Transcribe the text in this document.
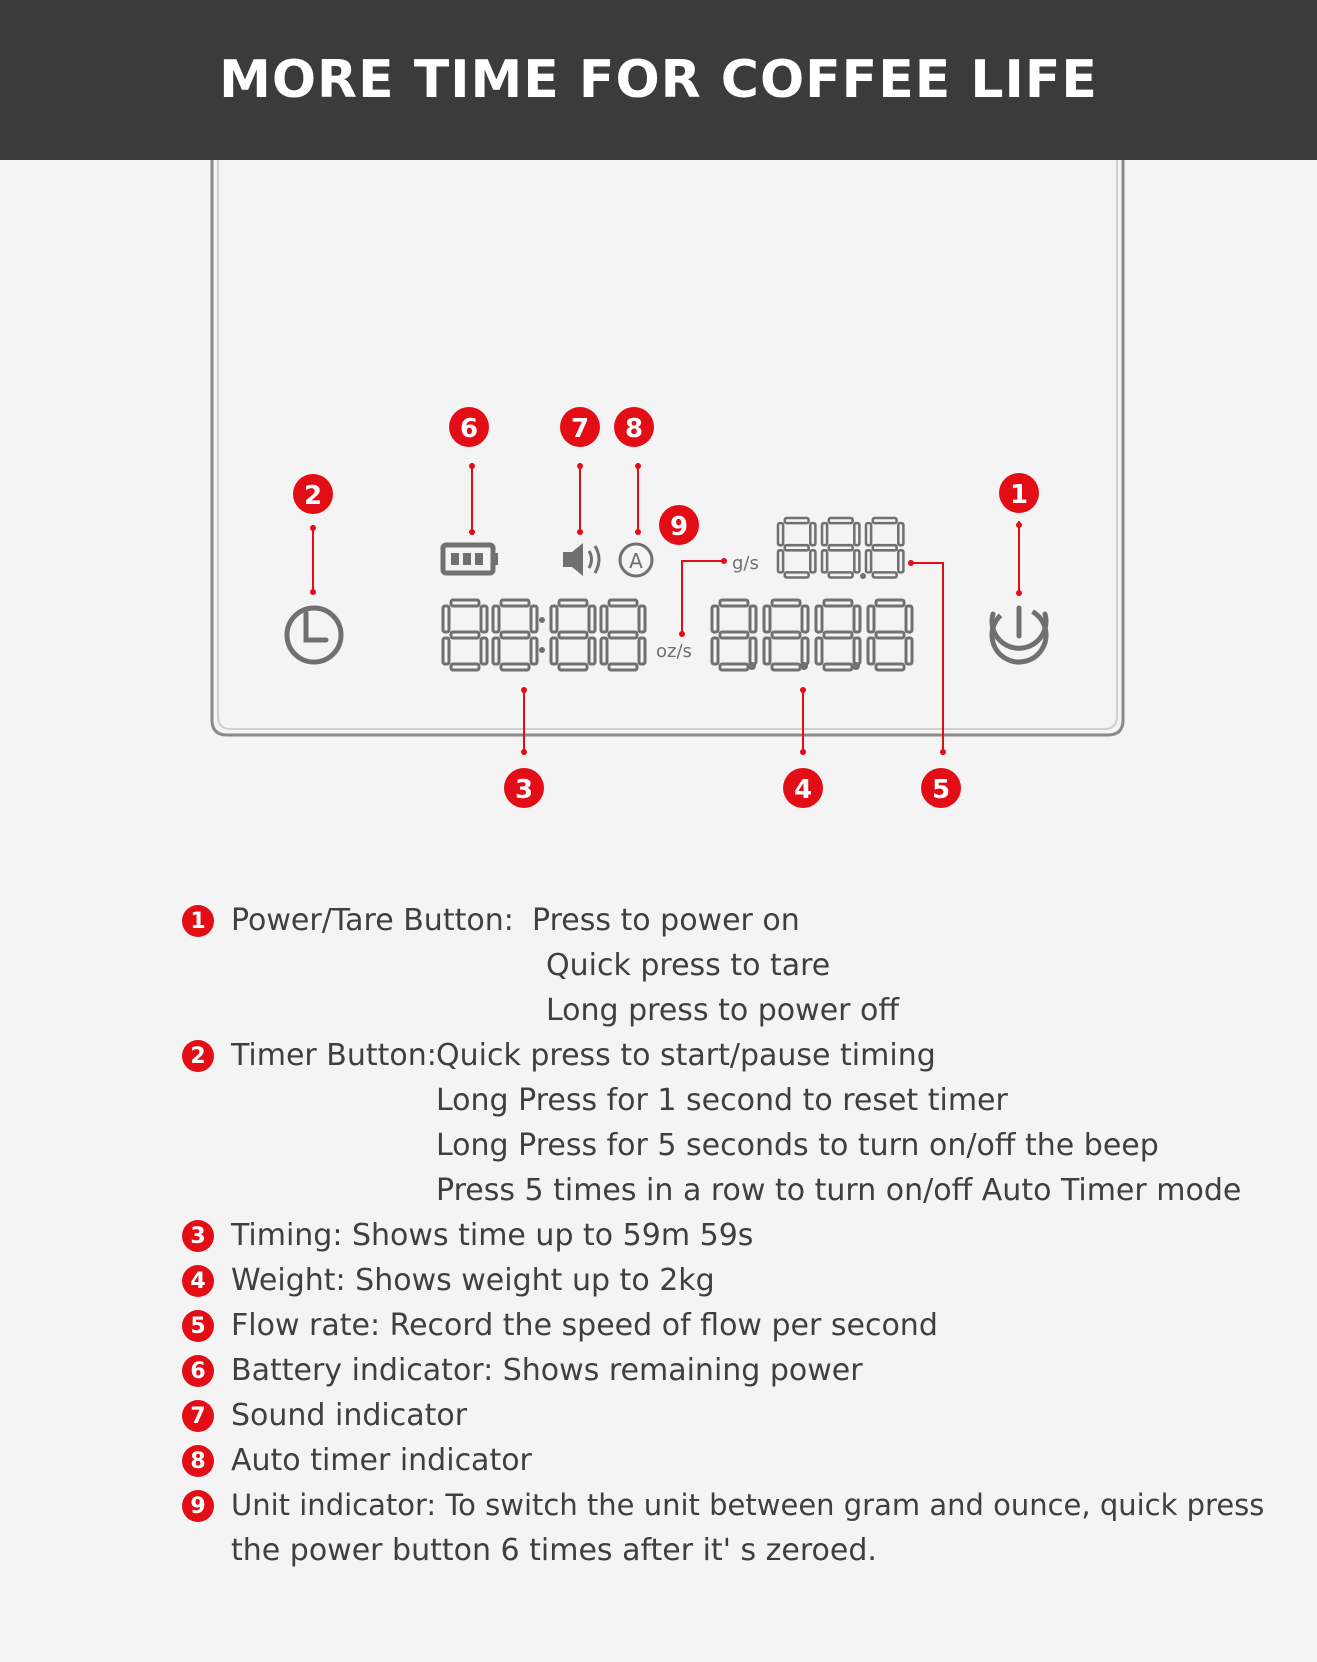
MORE TIME FOR COFFEE LIFE
A	g/s
oz/s
1
2
3	4	5
6	7 8
9
1 Power/Tare Button: Press to power on
Quick press to tare
Long press to power off
2 Timer Button: Quick press to start/pause timing
Long Press for 1 second to reset timer
Long Press for 5 seconds to turn on/off the beep
Press 5 times in a row to turn on/off Auto Timer mode
3 Timing: Shows time up to 59m 59s
4 Weight: Shows weight up to 2kg
5 Flow rate: Record the speed of flow per second
6 Battery indicator: Shows remaining power
7 Sound indicator
8 Auto timer indicator
9 Unit indicator: To switch the unit between gram and ounce, quick press
the power button 6 times after it' s zeroed.
